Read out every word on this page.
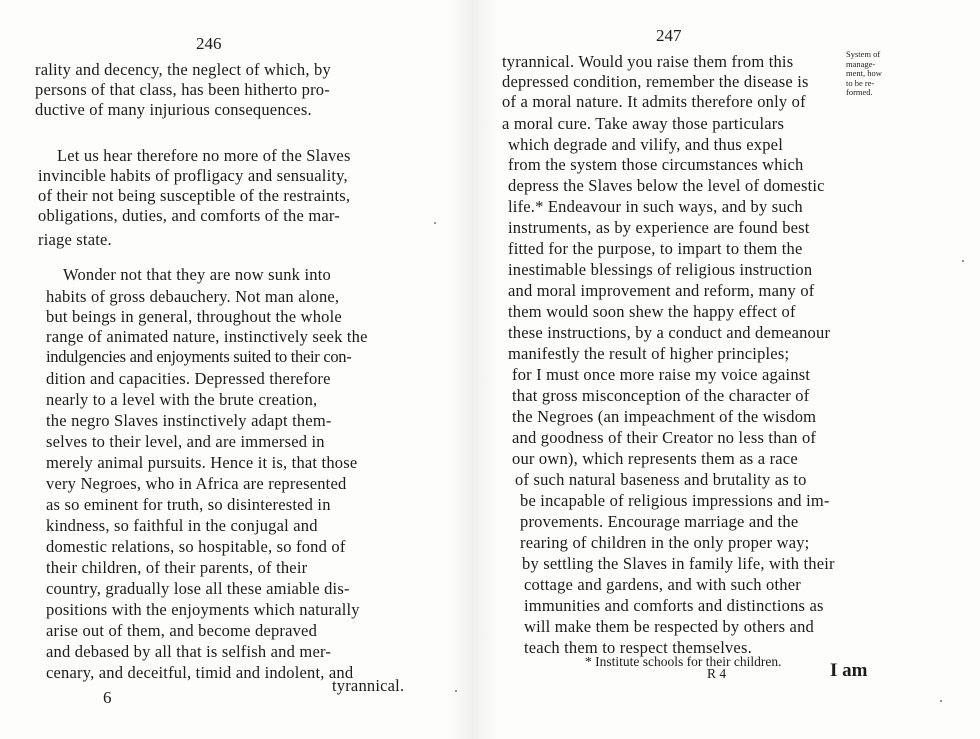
246
rality and decency, the neglect of which, by
persons of that class, has been hitherto pro-
ductive of many injurious consequences.
Let us hear therefore no more of the Slaves
invincible habits of profligacy and sensuality,
of their not being susceptible of the restraints,
obligations, duties, and comforts of the mar-
riage state.
Wonder not that they are now sunk into
habits of gross debauchery. Not man alone,
but beings in general, throughout the whole
range of animated nature, instinctively seek the
indulgencies and enjoyments suited to their con-
dition and capacities. Depressed therefore
nearly to a level with the brute creation,
the negro Slaves instinctively adapt them-
selves to their level, and are immersed in
merely animal pursuits. Hence it is, that those
very Negroes, who in Africa are represented
as so eminent for truth, so disinterested in
kindness, so faithful in the conjugal and
domestic relations, so hospitable, so fond of
their children, of their parents, of their
country, gradually lose all these amiable dis-
positions with the enjoyments which naturally
arise out of them, and become depraved
and debased by all that is selfish and mer-
cenary, and deceitful, timid and indolent, and
tyrannical.
6
247
tyrannical. Would you raise them from this
depressed condition, remember the disease is
of a moral nature. It admits therefore only of
a moral cure. Take away those particulars
which degrade and vilify, and thus expel
from the system those circumstances which
depress the Slaves below the level of domestic
life.* Endeavour in such ways, and by such
instruments, as by experience are found best
fitted for the purpose, to impart to them the
inestimable blessings of religious instruction
and moral improvement and reform, many of
them would soon shew the happy effect of
these instructions, by a conduct and demeanour
manifestly the result of higher principles;
for I must once more raise my voice against
that gross misconception of the character of
the Negroes (an impeachment of the wisdom
and goodness of their Creator no less than of
our own), which represents them as a race
of such natural baseness and brutality as to
be incapable of religious impressions and im-
provements. Encourage marriage and the
rearing of children in the only proper way;
by settling the Slaves in family life, with their
cottage and gardens, and with such other
immunities and comforts and distinctions as
will make them be respected by others and
teach them to respect themselves.
System of
manage-
ment, how
to be re-
formed.
* Institute schools for their children.
R 4	I am
